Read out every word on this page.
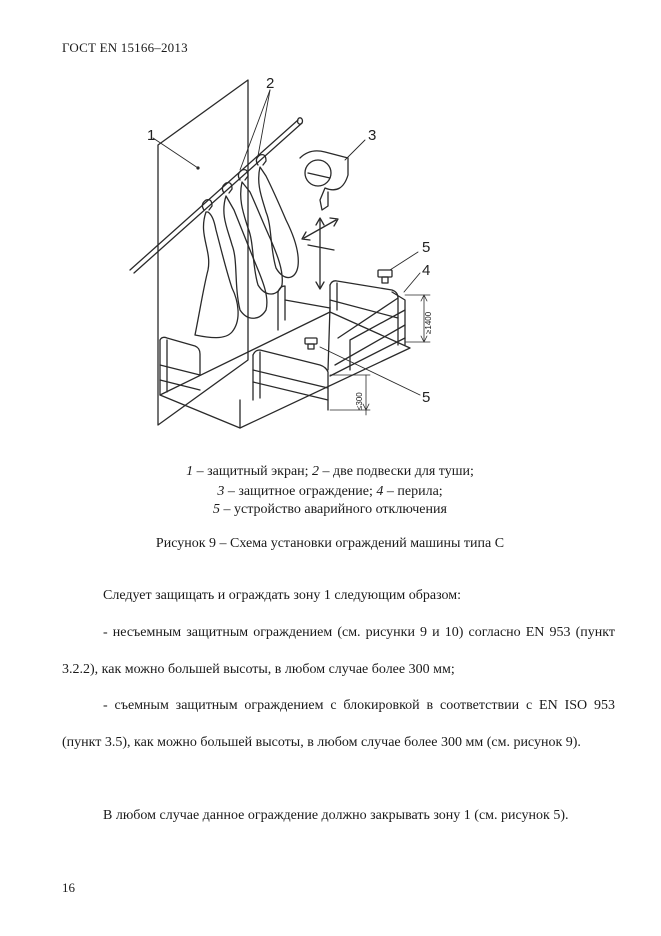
ГОСТ EN 15166–2013
1
2
3
5
4
5
≥1400
≤300
1 – защитный экран; 2 – две подвески для туши;
3 – защитное ограждение; 4 – перила;
5 – устройство аварийного отключения
Рисунок 9 – Схема установки ограждений машины типа С
Следует защищать и ограждать зону 1 следующим образом:
- несъемным защитным ограждением (см. рисунки 9 и 10) согласно EN 953 (пункт 3.2.2), как можно большей высоты, в любом случае более 300 мм;
- съемным защитным ограждением с блокировкой в соответствии с EN ISO 953 (пункт 3.5), как можно большей высоты, в любом случае более 300 мм (см. рисунок 9).
В любом случае данное ограждение должно закрывать зону 1 (см. рисунок 5).
16
